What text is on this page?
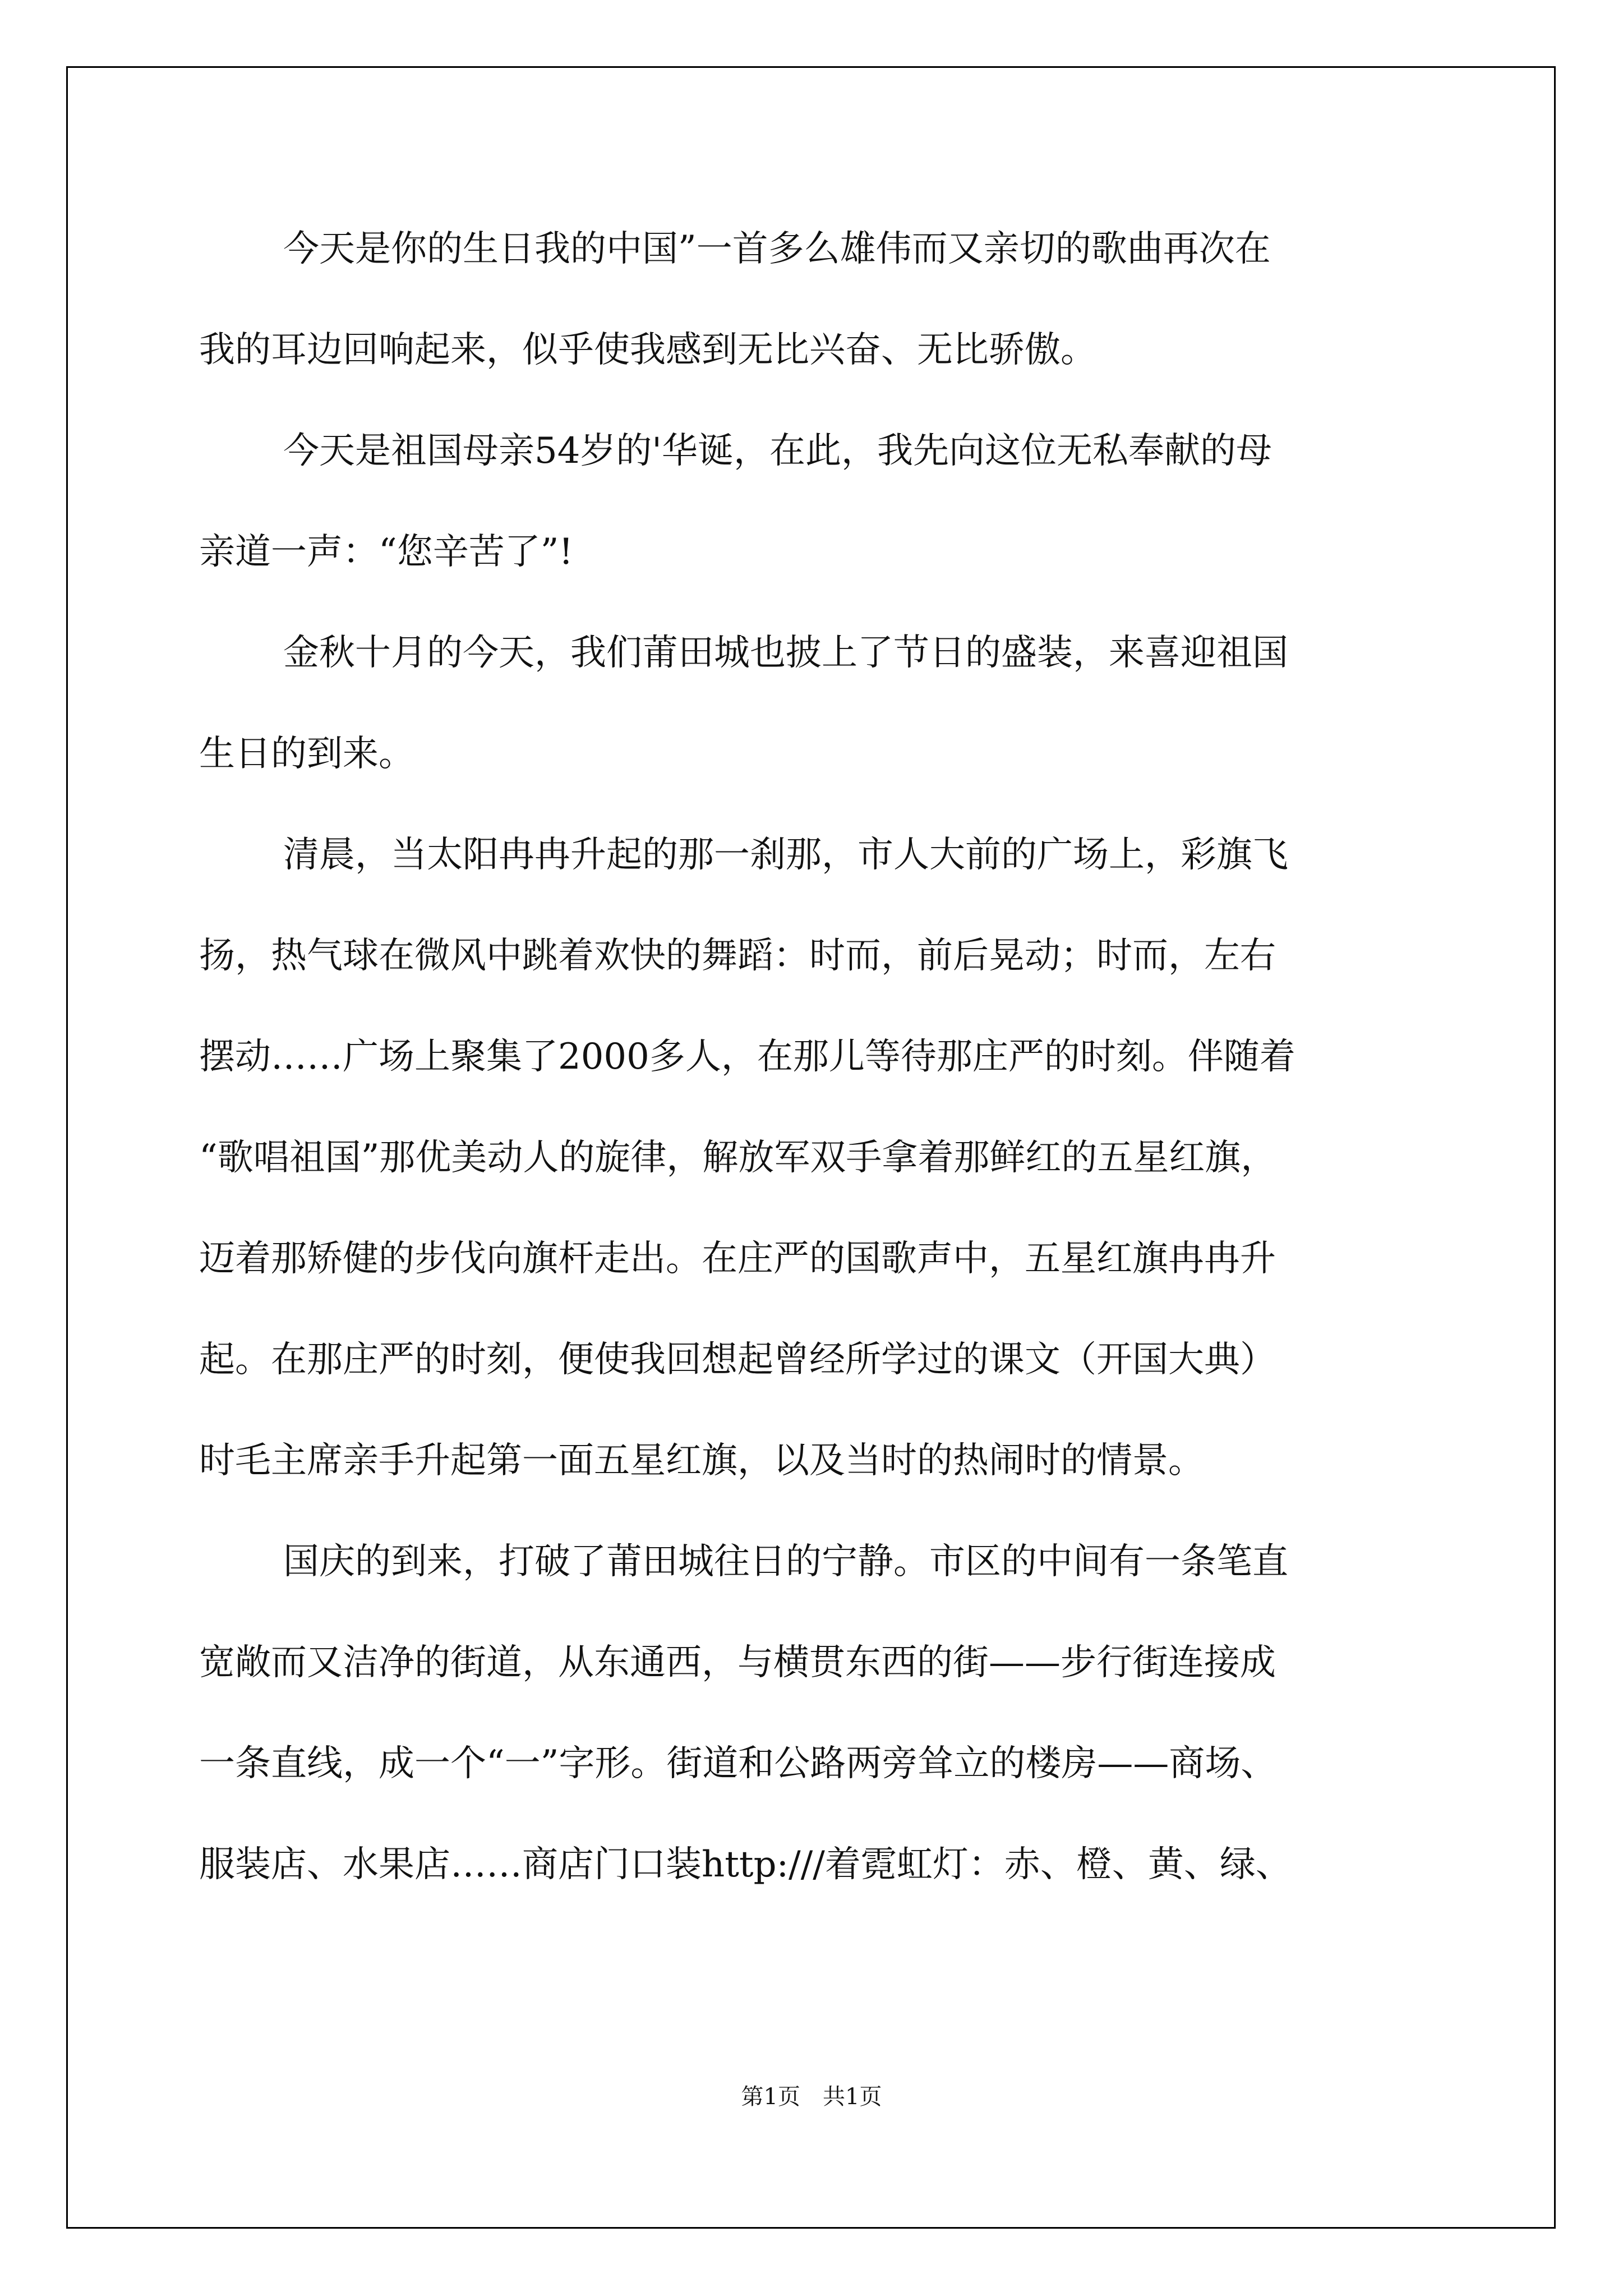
今天是你的生日我的中国”一首多么雄伟而又亲切的歌曲再次在
我的耳边回响起来，似乎使我感到无比兴奋、无比骄傲。
今天是祖国母亲54岁的'华诞，在此，我先向这位无私奉献的母
亲道一声：“您辛苦了”!
金秋十月的今天，我们莆田城也披上了节日的盛装，来喜迎祖国
生日的到来。
清晨，当太阳冉冉升起的那一刹那，市人大前的广场上，彩旗飞
扬，热气球在微风中跳着欢快的舞蹈：时而，前后晃动；时而，左右
摆动……广场上聚集了2000多人，在那儿等待那庄严的时刻。伴随着
“歌唱祖国”那优美动人的旋律，解放军双手拿着那鲜红的五星红旗，
迈着那矫健的步伐向旗杆走出。在庄严的国歌声中，五星红旗冉冉升
起。在那庄严的时刻，便使我回想起曾经所学过的课文（开国大典）
时毛主席亲手升起第一面五星红旗，以及当时的热闹时的情景。
国庆的到来，打破了莆田城往日的宁静。市区的中间有一条笔直
宽敞而又洁净的街道，从东通西，与横贯东西的街——步行街连接成
一条直线，成一个“一”字形。街道和公路两旁耸立的楼房——商场、
服装店、水果店……商店门口装http:///着霓虹灯：赤、橙、黄、绿、
第1页　共1页
